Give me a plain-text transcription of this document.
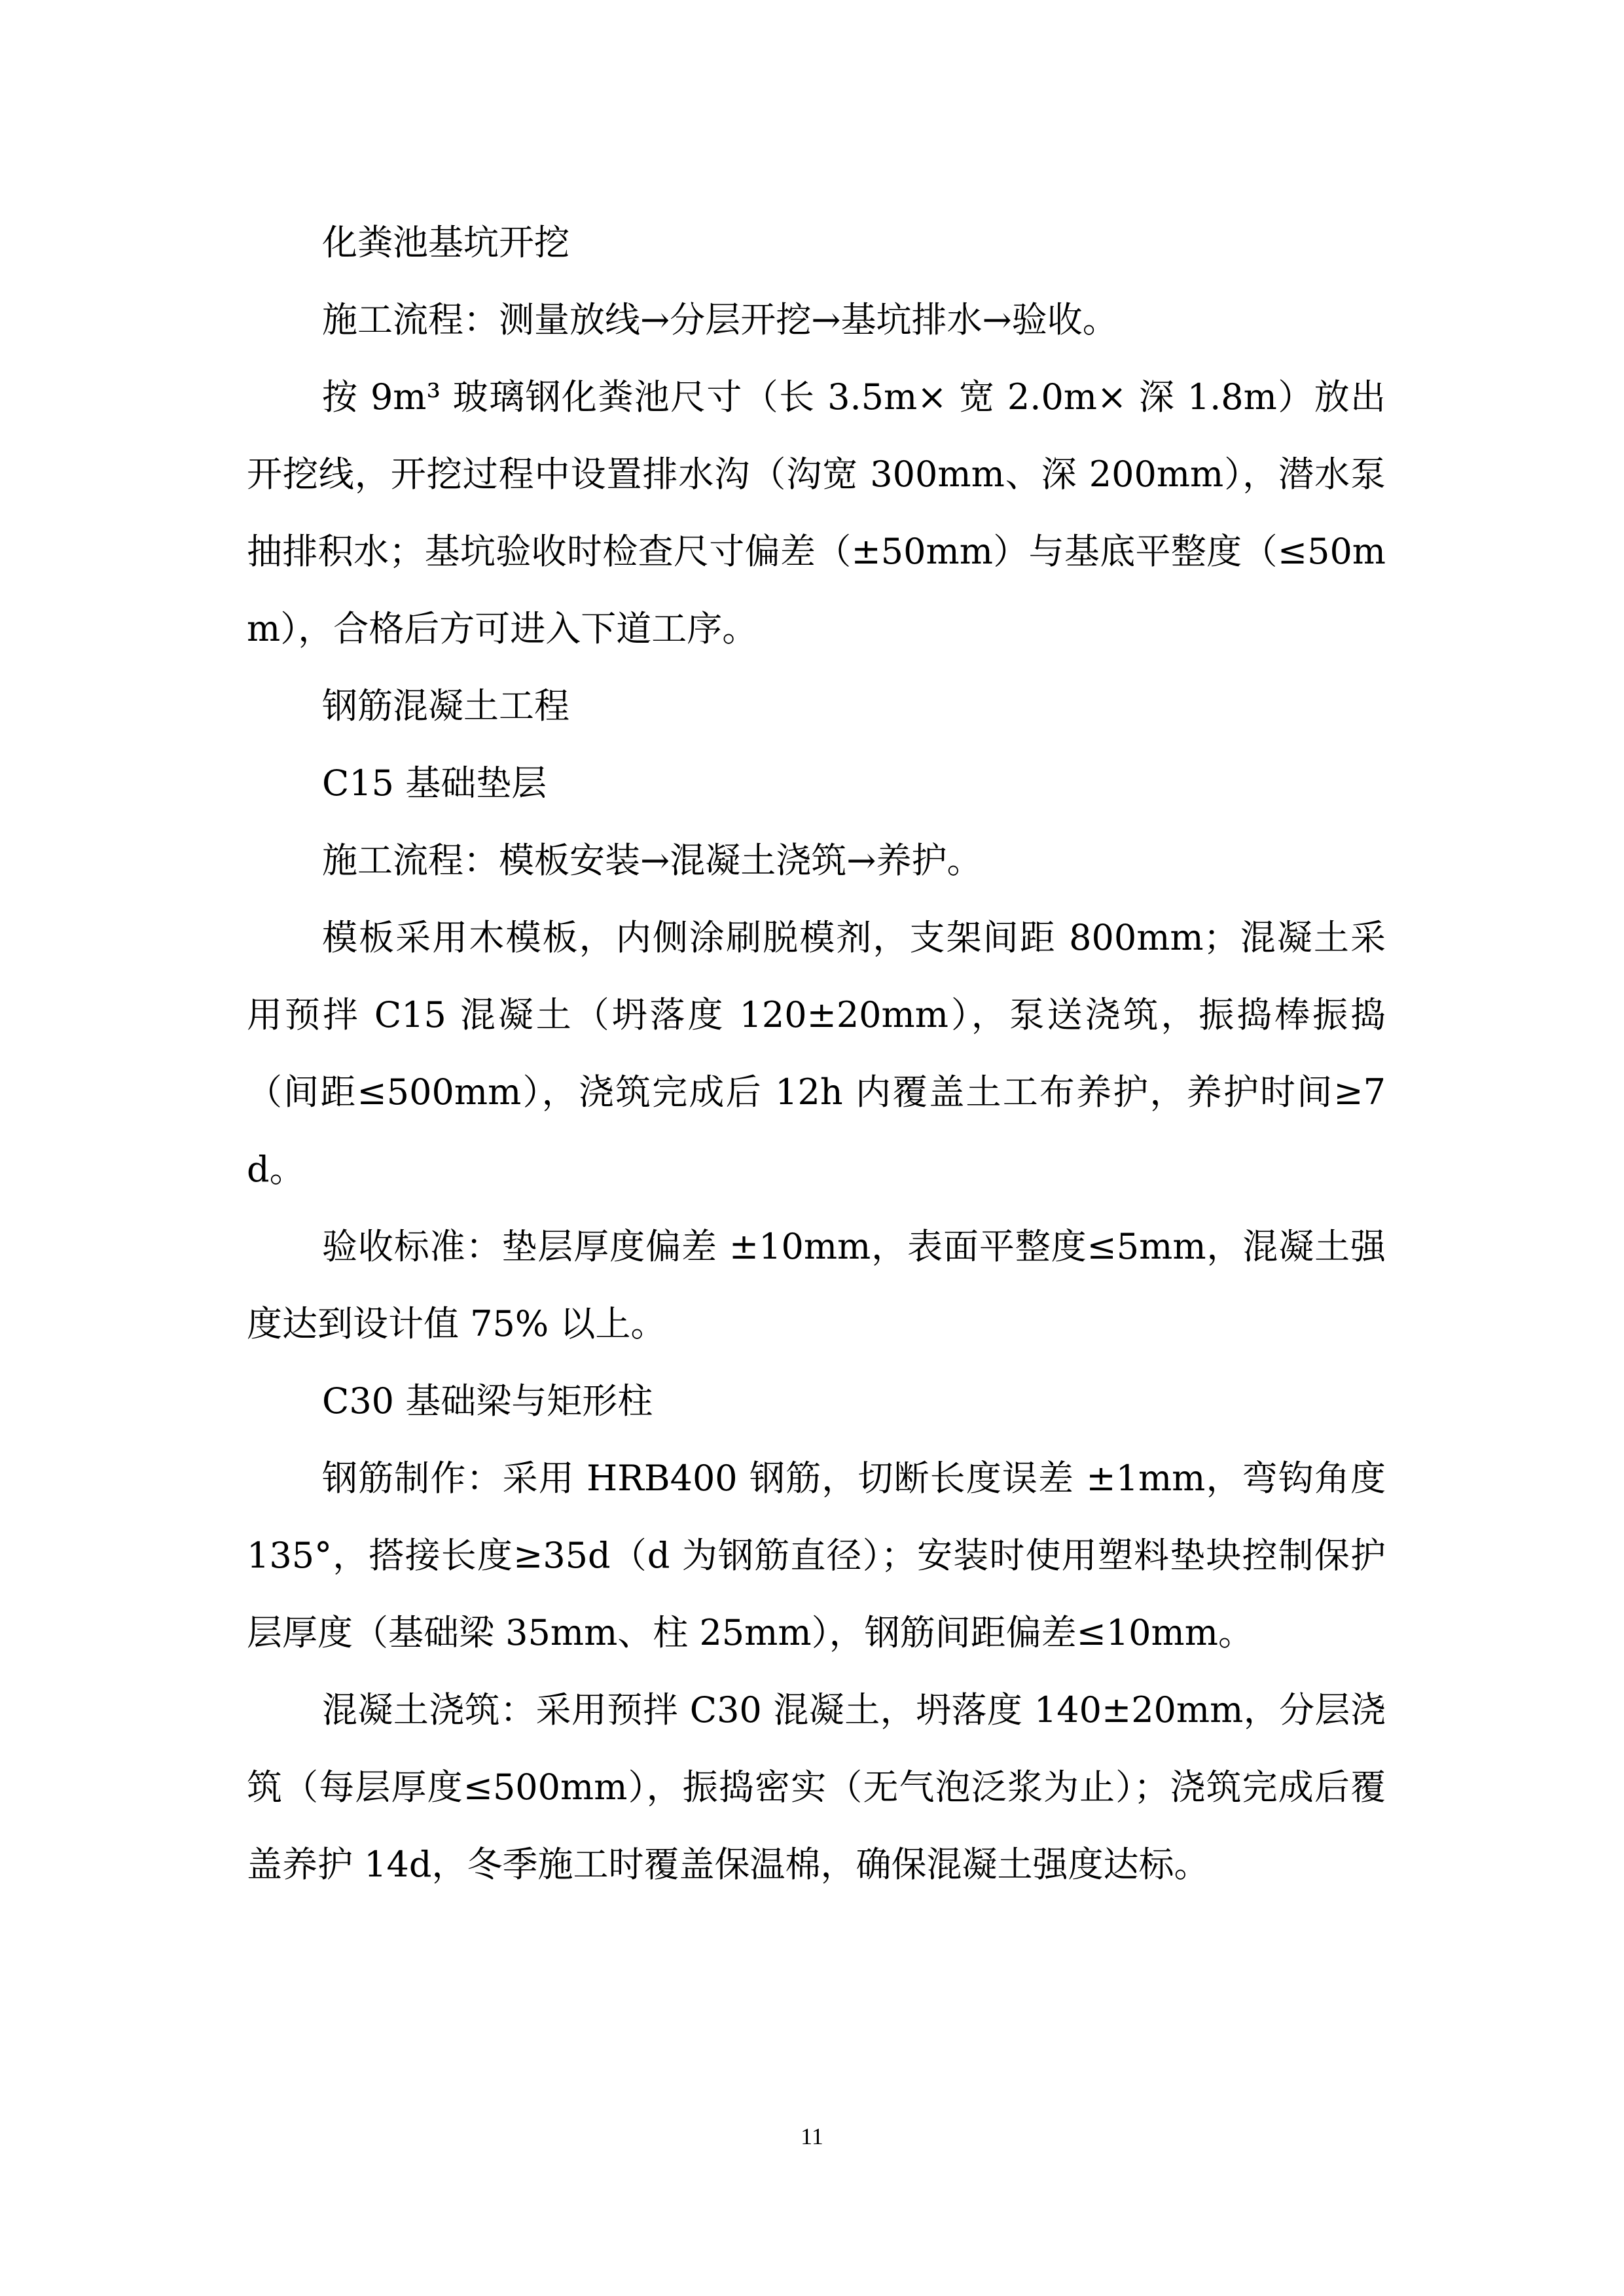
化粪池基坑开挖

施工流程：测量放线→分层开挖→基坑排水→验收。

按 9m³ 玻璃钢化粪池尺寸（长 3.5m× 宽 2.0m× 深 1.8m）放出开挖线，开挖过程中设置排水沟（沟宽 300mm、深 200mm），潜水泵抽排积水；基坑验收时检查尺寸偏差（±50mm）与基底平整度（≤50mm），合格后方可进入下道工序。

钢筋混凝土工程

C15 基础垫层

施工流程：模板安装→混凝土浇筑→养护。

模板采用木模板，内侧涂刷脱模剂，支架间距 800mm；混凝土采用预拌 C15 混凝土（坍落度 120±20mm），泵送浇筑，振捣棒振捣（间距≤500mm），浇筑完成后 12h 内覆盖土工布养护，养护时间≥7d。

验收标准：垫层厚度偏差 ±10mm，表面平整度≤5mm，混凝土强度达到设计值 75% 以上。

C30 基础梁与矩形柱

钢筋制作：采用 HRB400 钢筋，切断长度误差 ±1mm，弯钩角度135°，搭接长度≥35d（d 为钢筋直径）；安装时使用塑料垫块控制保护层厚度（基础梁 35mm、柱 25mm），钢筋间距偏差≤10mm。

混凝土浇筑：采用预拌 C30 混凝土，坍落度 140±20mm，分层浇筑（每层厚度≤500mm），振捣密实（无气泡泛浆为止）；浇筑完成后覆盖养护 14d，冬季施工时覆盖保温棉，确保混凝土强度达标。

11
